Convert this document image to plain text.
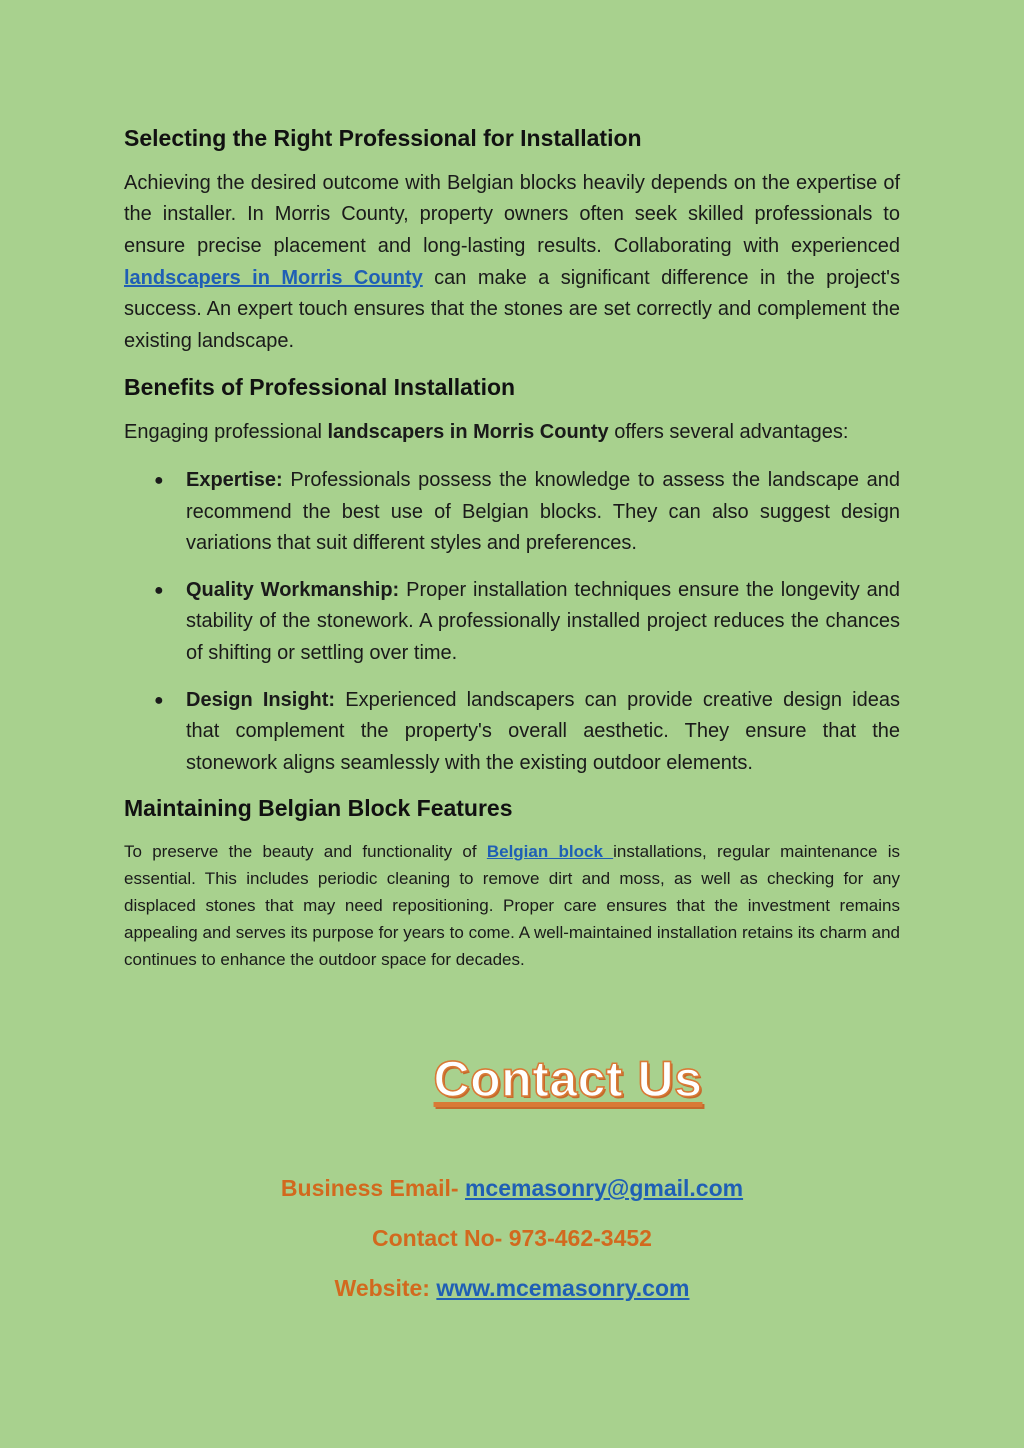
Selecting the Right Professional for Installation

Achieving the desired outcome with Belgian blocks heavily depends on the expertise of the installer. In Morris County, property owners often seek skilled professionals to ensure precise placement and long-lasting results. Collaborating with experienced landscapers in Morris County can make a significant difference in the project's success. An expert touch ensures that the stones are set correctly and complement the existing landscape.

Benefits of Professional Installation

Engaging professional landscapers in Morris County offers several advantages:

● Expertise: Professionals possess the knowledge to assess the landscape and recommend the best use of Belgian blocks. They can also suggest design variations that suit different styles and preferences.
● Quality Workmanship: Proper installation techniques ensure the longevity and stability of the stonework. A professionally installed project reduces the chances of shifting or settling over time.
● Design Insight: Experienced landscapers can provide creative design ideas that complement the property's overall aesthetic. They ensure that the stonework aligns seamlessly with the existing outdoor elements.
Maintaining Belgian Block Features

To preserve the beauty and functionality of Belgian block installations, regular maintenance is essential. This includes periodic cleaning to remove dirt and moss, as well as checking for any displaced stones that may need repositioning. Proper care ensures that the investment remains appealing and serves its purpose for years to come. A well-maintained installation retains its charm and continues to enhance the outdoor space for decades.

Contact Us
Business Email- mcemasonry@gmail.com
Contact No- 973-462-3452
Website: www.mcemasonry.com
